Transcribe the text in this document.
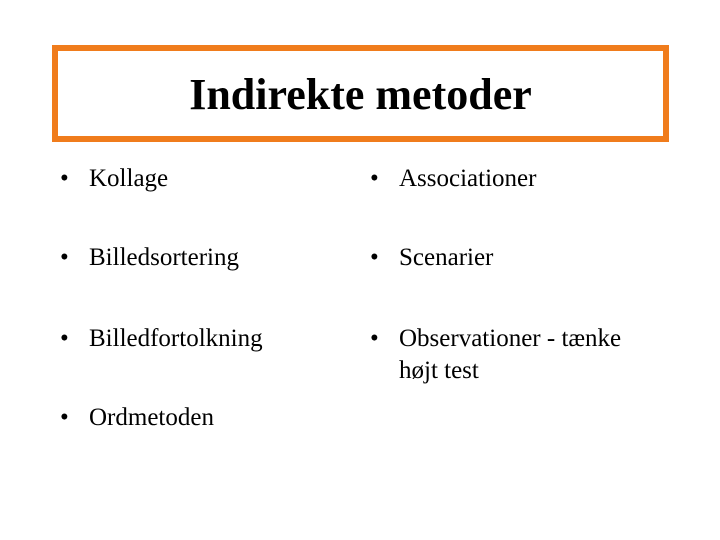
Indirekte metoder
• Kollage
• Billedsortering
• Billedfortolkning
• Ordmetoden
• Associationer
• Scenarier
• Observationer - tænke højt test
